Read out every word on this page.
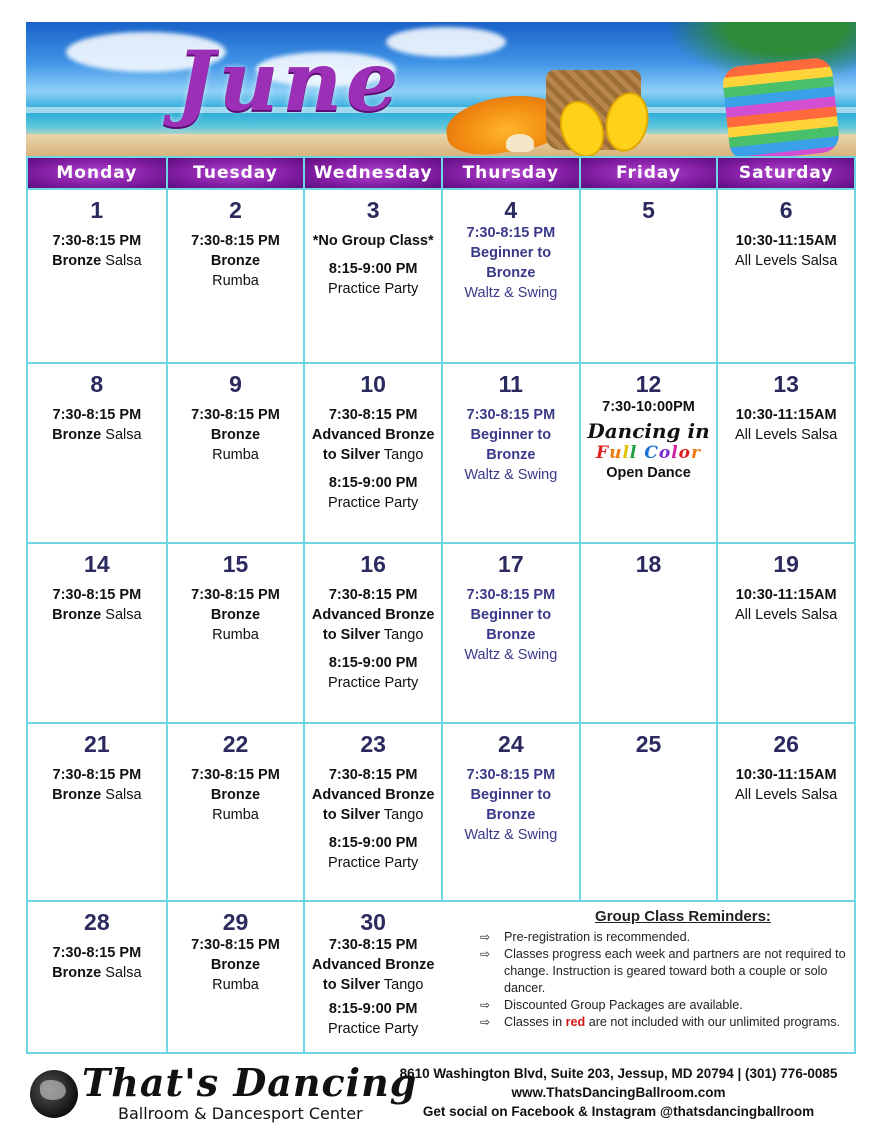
June
Monday	Tuesday	Wednesday	Thursday	Friday	Saturday
1
7:30-8:15 PM
Bronze Salsa
2
7:30-8:15 PM
Bronze
Rumba
3
*No Group Class*
8:15-9:00 PM
Practice Party
4
7:30-8:15 PM
Beginner to
Bronze
Waltz & Swing
5	6
10:30-11:15AM
All Levels Salsa
8
7:30-8:15 PM
Bronze Salsa
9
7:30-8:15 PM
Bronze
Rumba
10
7:30-8:15 PM
Advanced Bronze
to Silver Tango
8:15-9:00 PM
Practice Party
11
7:30-8:15 PM
Beginner to
Bronze
Waltz & Swing
12
7:30-10:00PM
Dancing in
Full Color
Open Dance
13
10:30-11:15AM
All Levels Salsa
14
7:30-8:15 PM
Bronze Salsa
15
7:30-8:15 PM
Bronze
Rumba
16
7:30-8:15 PM
Advanced Bronze
to Silver Tango
8:15-9:00 PM
Practice Party
17
7:30-8:15 PM
Beginner to
Bronze
Waltz & Swing
18	19
10:30-11:15AM
All Levels Salsa
21
7:30-8:15 PM
Bronze Salsa
22
7:30-8:15 PM
Bronze
Rumba
23
7:30-8:15 PM
Advanced Bronze
to Silver Tango
8:15-9:00 PM
Practice Party
24
7:30-8:15 PM
Beginner to
Bronze
Waltz & Swing
25	26
10:30-11:15AM
All Levels Salsa
28
7:30-8:15 PM
Bronze Salsa
29
7:30-8:15 PM
Bronze
Rumba
30
7:30-8:15 PM
Advanced Bronze
to Silver Tango
8:15-9:00 PM
Practice Party
Group Class Reminders:
⇨ Pre-registration is recommended.
⇨ Classes progress each week and partners are not required to change. Instruction is geared toward both a couple or solo dancer.
⇨ Discounted Group Packages are available.
⇨ Classes in red are not included with our unlimited programs.
That's Dancing
Ballroom & Dancesport Center
8610 Washington Blvd, Suite 203, Jessup, MD 20794 | (301) 776-0085
www.ThatsDancingBallroom.com
Get social on Facebook & Instagram @thatsdancingballroom
